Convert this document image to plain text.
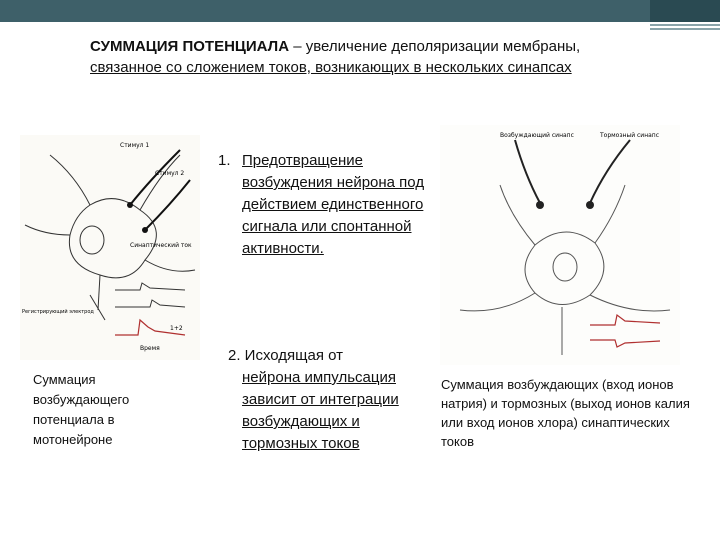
СУММАЦИЯ ПОТЕНЦИАЛА – увеличение деполяризации мембраны, связанное со сложением токов, возникающих в нескольких синапсах
Стимул 1
Стимул 2
Синаптический ток
Регистрирующий электрод
1+2
Время
Возбуждающий синапс	Тормозный синапс
1. Предотвращение возбуждения нейрона под действием единственного сигнала или спонтанной активности.
2. Исходящая от
нейрона импульсация зависит от интеграции возбуждающих и тормозных токов
Суммация возбуждающего потенциала в мотонейроне
Суммация возбуждающих (вход ионов натрия) и тормозных (выход ионов калия или вход ионов хлора) синаптических токов
